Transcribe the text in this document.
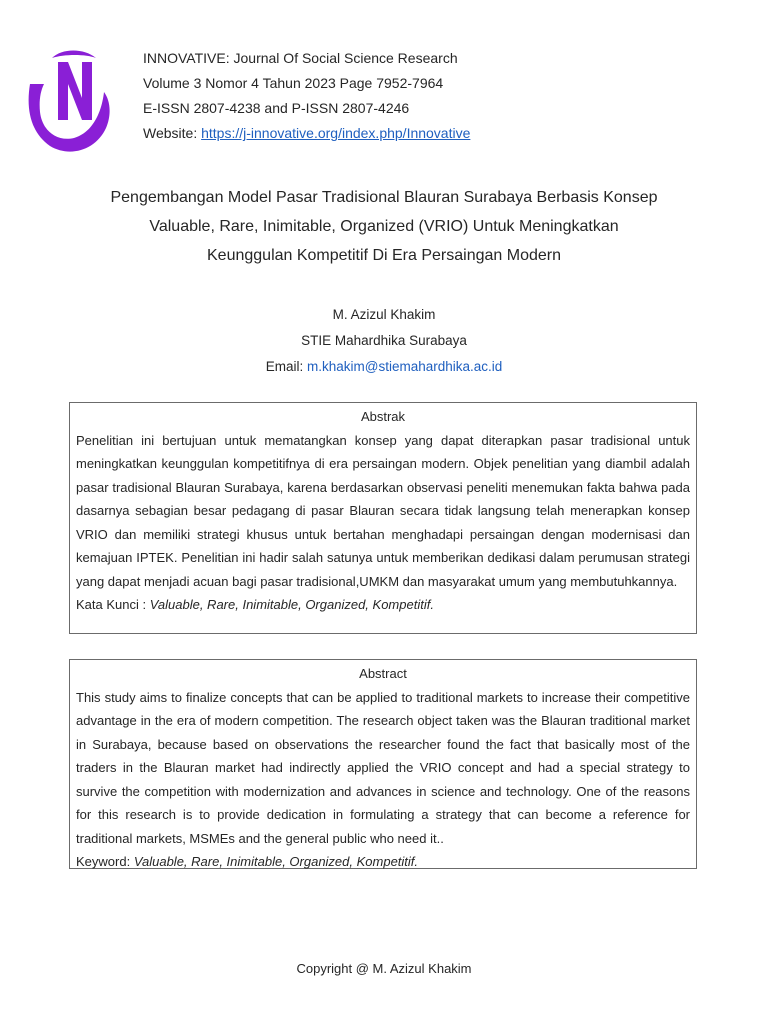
INNOVATIVE: Journal Of Social Science Research
Volume 3 Nomor 4 Tahun 2023 Page 7952-7964
E-ISSN 2807-4238 and P-ISSN 2807-4246
Website: https://j-innovative.org/index.php/Innovative
Pengembangan Model Pasar Tradisional Blauran Surabaya Berbasis Konsep
Valuable, Rare, Inimitable, Organized (VRIO) Untuk Meningkatkan
Keunggulan Kompetitif Di Era Persaingan Modern
M. Azizul Khakim
STIE Mahardhika Surabaya
Email: m.khakim@stiemahardhika.ac.id
Abstrak
Penelitian ini bertujuan untuk mematangkan konsep yang dapat diterapkan pasar tradisional untuk meningkatkan keunggulan kompetitifnya di era persaingan modern. Objek penelitian yang diambil adalah pasar tradisional Blauran Surabaya, karena berdasarkan observasi peneliti menemukan fakta bahwa pada dasarnya sebagian besar pedagang di pasar Blauran secara tidak langsung telah menerapkan konsep VRIO dan memiliki strategi khusus untuk bertahan menghadapi persaingan dengan modernisasi dan kemajuan IPTEK. Penelitian ini hadir salah satunya untuk memberikan dedikasi dalam perumusan strategi yang dapat menjadi acuan bagi pasar tradisional,UMKM dan masyarakat umum yang membutuhkannya.
Kata Kunci : Valuable, Rare, Inimitable, Organized, Kompetitif.
Abstract
This study aims to finalize concepts that can be applied to traditional markets to increase their competitive advantage in the era of modern competition. The research object taken was the Blauran traditional market in Surabaya, because based on observations the researcher found the fact that basically most of the traders in the Blauran market had indirectly applied the VRIO concept and had a special strategy to survive the competition with modernization and advances in science and technology. One of the reasons for this research is to provide dedication in formulating a strategy that can become a reference for traditional markets, MSMEs and the general public who need it..
Keyword: Valuable, Rare, Inimitable, Organized, Kompetitif.
Copyright @ M. Azizul Khakim
